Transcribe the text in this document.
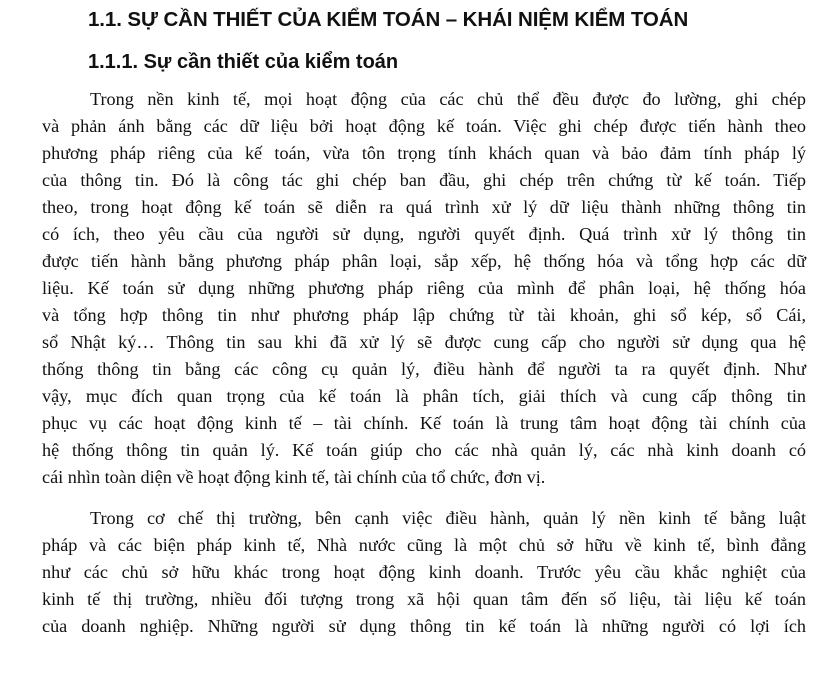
1.1. SỰ CẦN THIẾT CỦA KIỂM TOÁN – KHÁI NIỆM KIỂM TOÁN
1.1.1. Sự cần thiết của kiểm toán
Trong nền kinh tế, mọi hoạt động của các chủ thể đều được đo lường, ghi chép
và phản ánh bằng các dữ liệu bởi hoạt động kế toán. Việc ghi chép được tiến hành theo
phương pháp riêng của kế toán, vừa tôn trọng tính khách quan và bảo đảm tính pháp lý
của thông tin. Đó là công tác ghi chép ban đầu, ghi chép trên chứng từ kế toán. Tiếp
theo, trong hoạt động kế toán sẽ diễn ra quá trình xử lý dữ liệu thành những thông tin
có ích, theo yêu cầu của người sử dụng, người quyết định. Quá trình xử lý thông tin
được tiến hành bằng phương pháp phân loại, sắp xếp, hệ thống hóa và tổng hợp các dữ
liệu. Kế toán sử dụng những phương pháp riêng của mình để phân loại, hệ thống hóa
và tổng hợp thông tin như phương pháp lập chứng từ tài khoản, ghi sổ kép, sổ Cái,
sổ Nhật ký… Thông tin sau khi đã xử lý sẽ được cung cấp cho người sử dụng qua hệ
thống thông tin bằng các công cụ quản lý, điều hành để người ta ra quyết định. Như
vậy, mục đích quan trọng của kế toán là phân tích, giải thích và cung cấp thông tin
phục vụ các hoạt động kinh tế – tài chính. Kế toán là trung tâm hoạt động tài chính của
hệ thống thông tin quản lý. Kế toán giúp cho các nhà quản lý, các nhà kinh doanh có
cái nhìn toàn diện về hoạt động kinh tế, tài chính của tổ chức, đơn vị.
Trong cơ chế thị trường, bên cạnh việc điều hành, quản lý nền kinh tế bằng luật
pháp và các biện pháp kinh tế, Nhà nước cũng là một chủ sở hữu về kinh tế, bình đẳng
như các chủ sở hữu khác trong hoạt động kinh doanh. Trước yêu cầu khắc nghiệt của
kinh tế thị trường, nhiều đối tượng trong xã hội quan tâm đến số liệu, tài liệu kế toán
của doanh nghiệp. Những người sử dụng thông tin kế toán là những người có lợi ích
